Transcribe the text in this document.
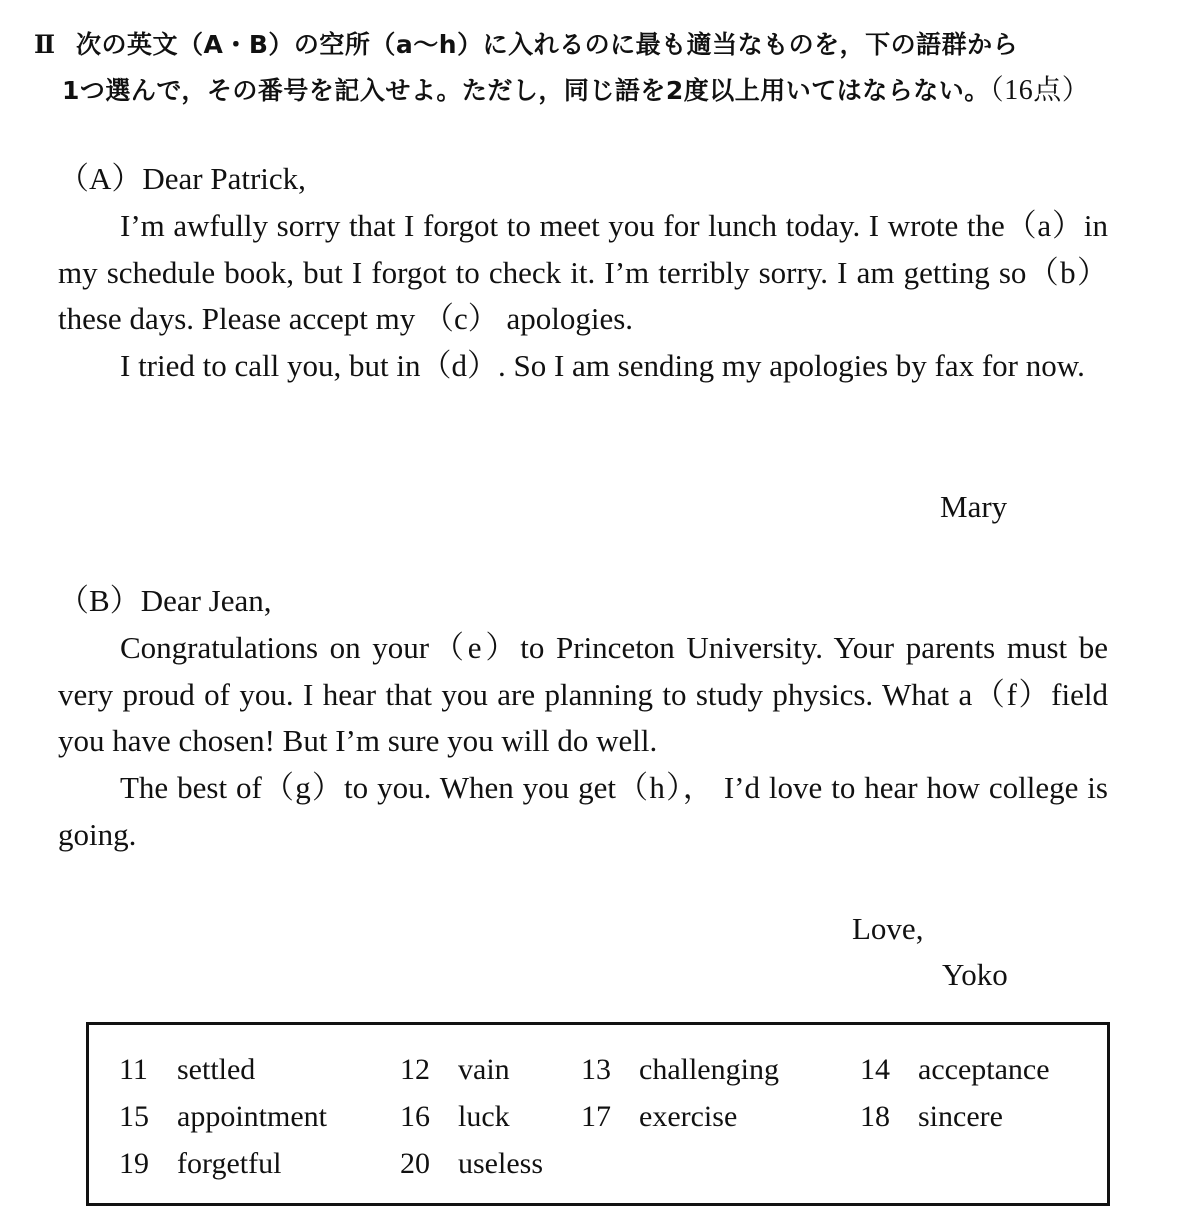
Ⅱ 次の英文（A・B）の空所（a〜h）に入れるのに最も適当なものを，下の語群から
1つ選んで，その番号を記入せよ。ただし，同じ語を2度以上用いてはならない。（16点）

（A）Dear Patrick,

I’m awfully sorry that I forgot to meet you for lunch today. I wrote the（a）in my schedule book, but I forgot to check it. I’m terribly sorry. I am getting so（b）these days. Please accept my （c） apologies.

I tried to call you, but in（d）. So I am sending my apologies by fax for now.

Mary

（B）Dear Jean,

Congratulations on your（e）to Princeton University. Your parents must be very proud of you. I hear that you are planning to study physics. What a（f）field you have chosen! But I’m sure you will do well.

The best of（g）to you. When you get（h）， I’d love to hear how college is going.

Love,
Yoko
11 settled	12 vain 13 challenging	14 acceptance
15 appointment 16 luck 17 exercise	18 sincere
19 forgetful	20 useless
